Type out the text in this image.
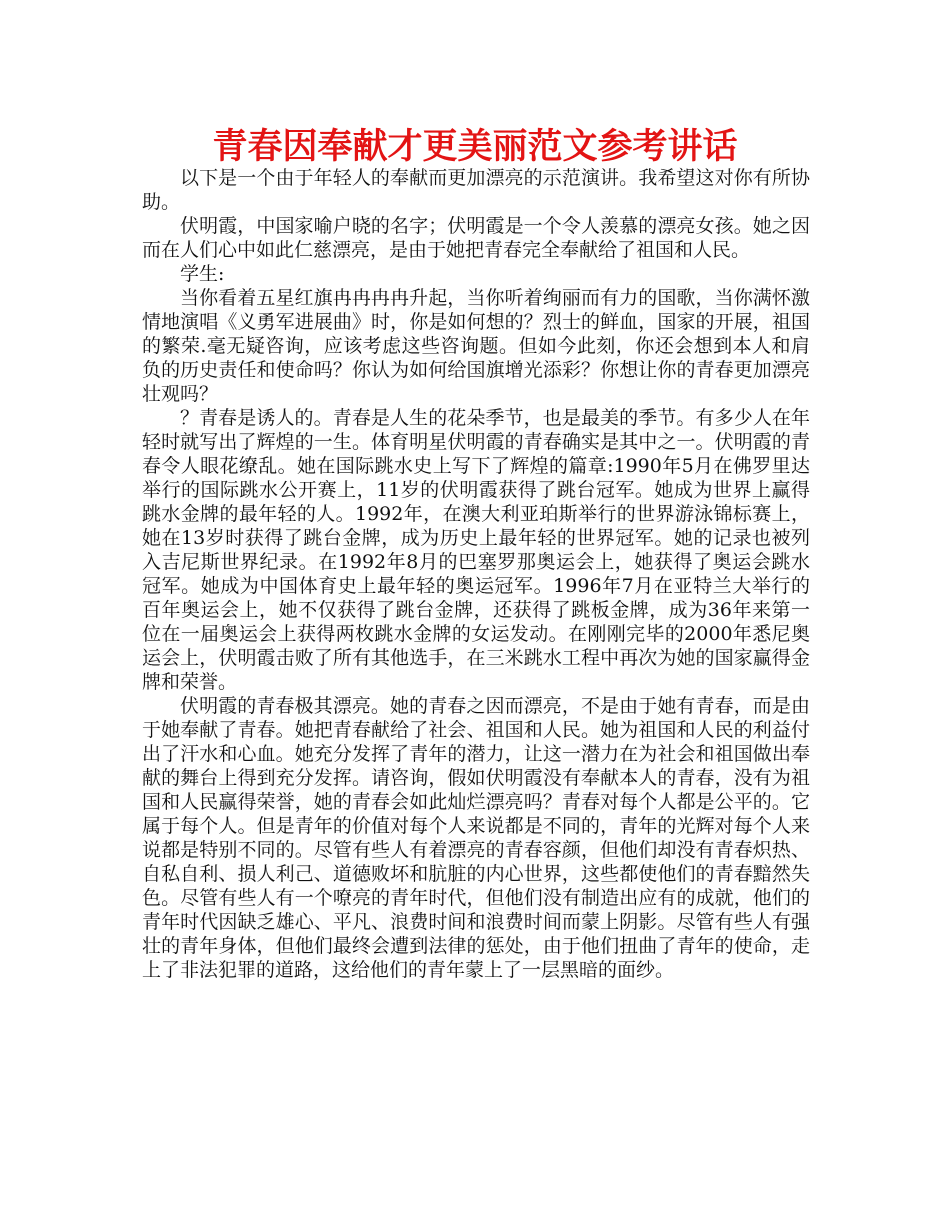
青春因奉献才更美丽范文参考讲话

以下是一个由于年轻人的奉献而更加漂亮的示范演讲。我希望这对你有所协助。

伏明霞，中国家喻户晓的名字；伏明霞是一个令人羡慕的漂亮女孩。她之因而在人们心中如此仁慈漂亮，是由于她把青春完全奉献给了祖国和人民。

学生:

当你看着五星红旗冉冉冉冉升起，当你听着绚丽而有力的国歌，当你满怀激情地演唱《义勇军进展曲》时，你是如何想的？烈士的鲜血，国家的开展，祖国的繁荣.毫无疑咨询，应该考虑这些咨询题。但如今此刻，你还会想到本人和肩负的历史责任和使命吗？你认为如何给国旗增光添彩？你想让你的青春更加漂亮壮观吗？

？青春是诱人的。青春是人生的花朵季节，也是最美的季节。有多少人在年轻时就写出了辉煌的一生。体育明星伏明霞的青春确实是其中之一。伏明霞的青春令人眼花缭乱。她在国际跳水史上写下了辉煌的篇章:1990年5月在佛罗里达举行的国际跳水公开赛上，11岁的伏明霞获得了跳台冠军。她成为世界上赢得跳水金牌的最年轻的人。1992年，在澳大利亚珀斯举行的世界游泳锦标赛上，她在13岁时获得了跳台金牌，成为历史上最年轻的世界冠军。她的记录也被列入吉尼斯世界纪录。在1992年8月的巴塞罗那奥运会上，她获得了奥运会跳水冠军。她成为中国体育史上最年轻的奥运冠军。1996年7月在亚特兰大举行的百年奥运会上，她不仅获得了跳台金牌，还获得了跳板金牌，成为36年来第一位在一届奥运会上获得两枚跳水金牌的女运发动。在刚刚完毕的2000年悉尼奥运会上，伏明霞击败了所有其他选手，在三米跳水工程中再次为她的国家赢得金牌和荣誉。

伏明霞的青春极其漂亮。她的青春之因而漂亮，不是由于她有青春，而是由于她奉献了青春。她把青春献给了社会、祖国和人民。她为祖国和人民的利益付出了汗水和心血。她充分发挥了青年的潜力，让这一潜力在为社会和祖国做出奉献的舞台上得到充分发挥。请咨询，假如伏明霞没有奉献本人的青春，没有为祖国和人民赢得荣誉，她的青春会如此灿烂漂亮吗？青春对每个人都是公平的。它属于每个人。但是青年的价值对每个人来说都是不同的，青年的光辉对每个人来说都是特别不同的。尽管有些人有着漂亮的青春容颜，但他们却没有青春炽热、自私自利、损人利己、道德败坏和肮脏的内心世界，这些都使他们的青春黯然失色。尽管有些人有一个嘹亮的青年时代，但他们没有制造出应有的成就，他们的青年时代因缺乏雄心、平凡、浪费时间和浪费时间而蒙上阴影。尽管有些人有强壮的青年身体，但他们最终会遭到法律的惩处，由于他们扭曲了青年的使命，走上了非法犯罪的道路，这给他们的青年蒙上了一层黑暗的面纱。
